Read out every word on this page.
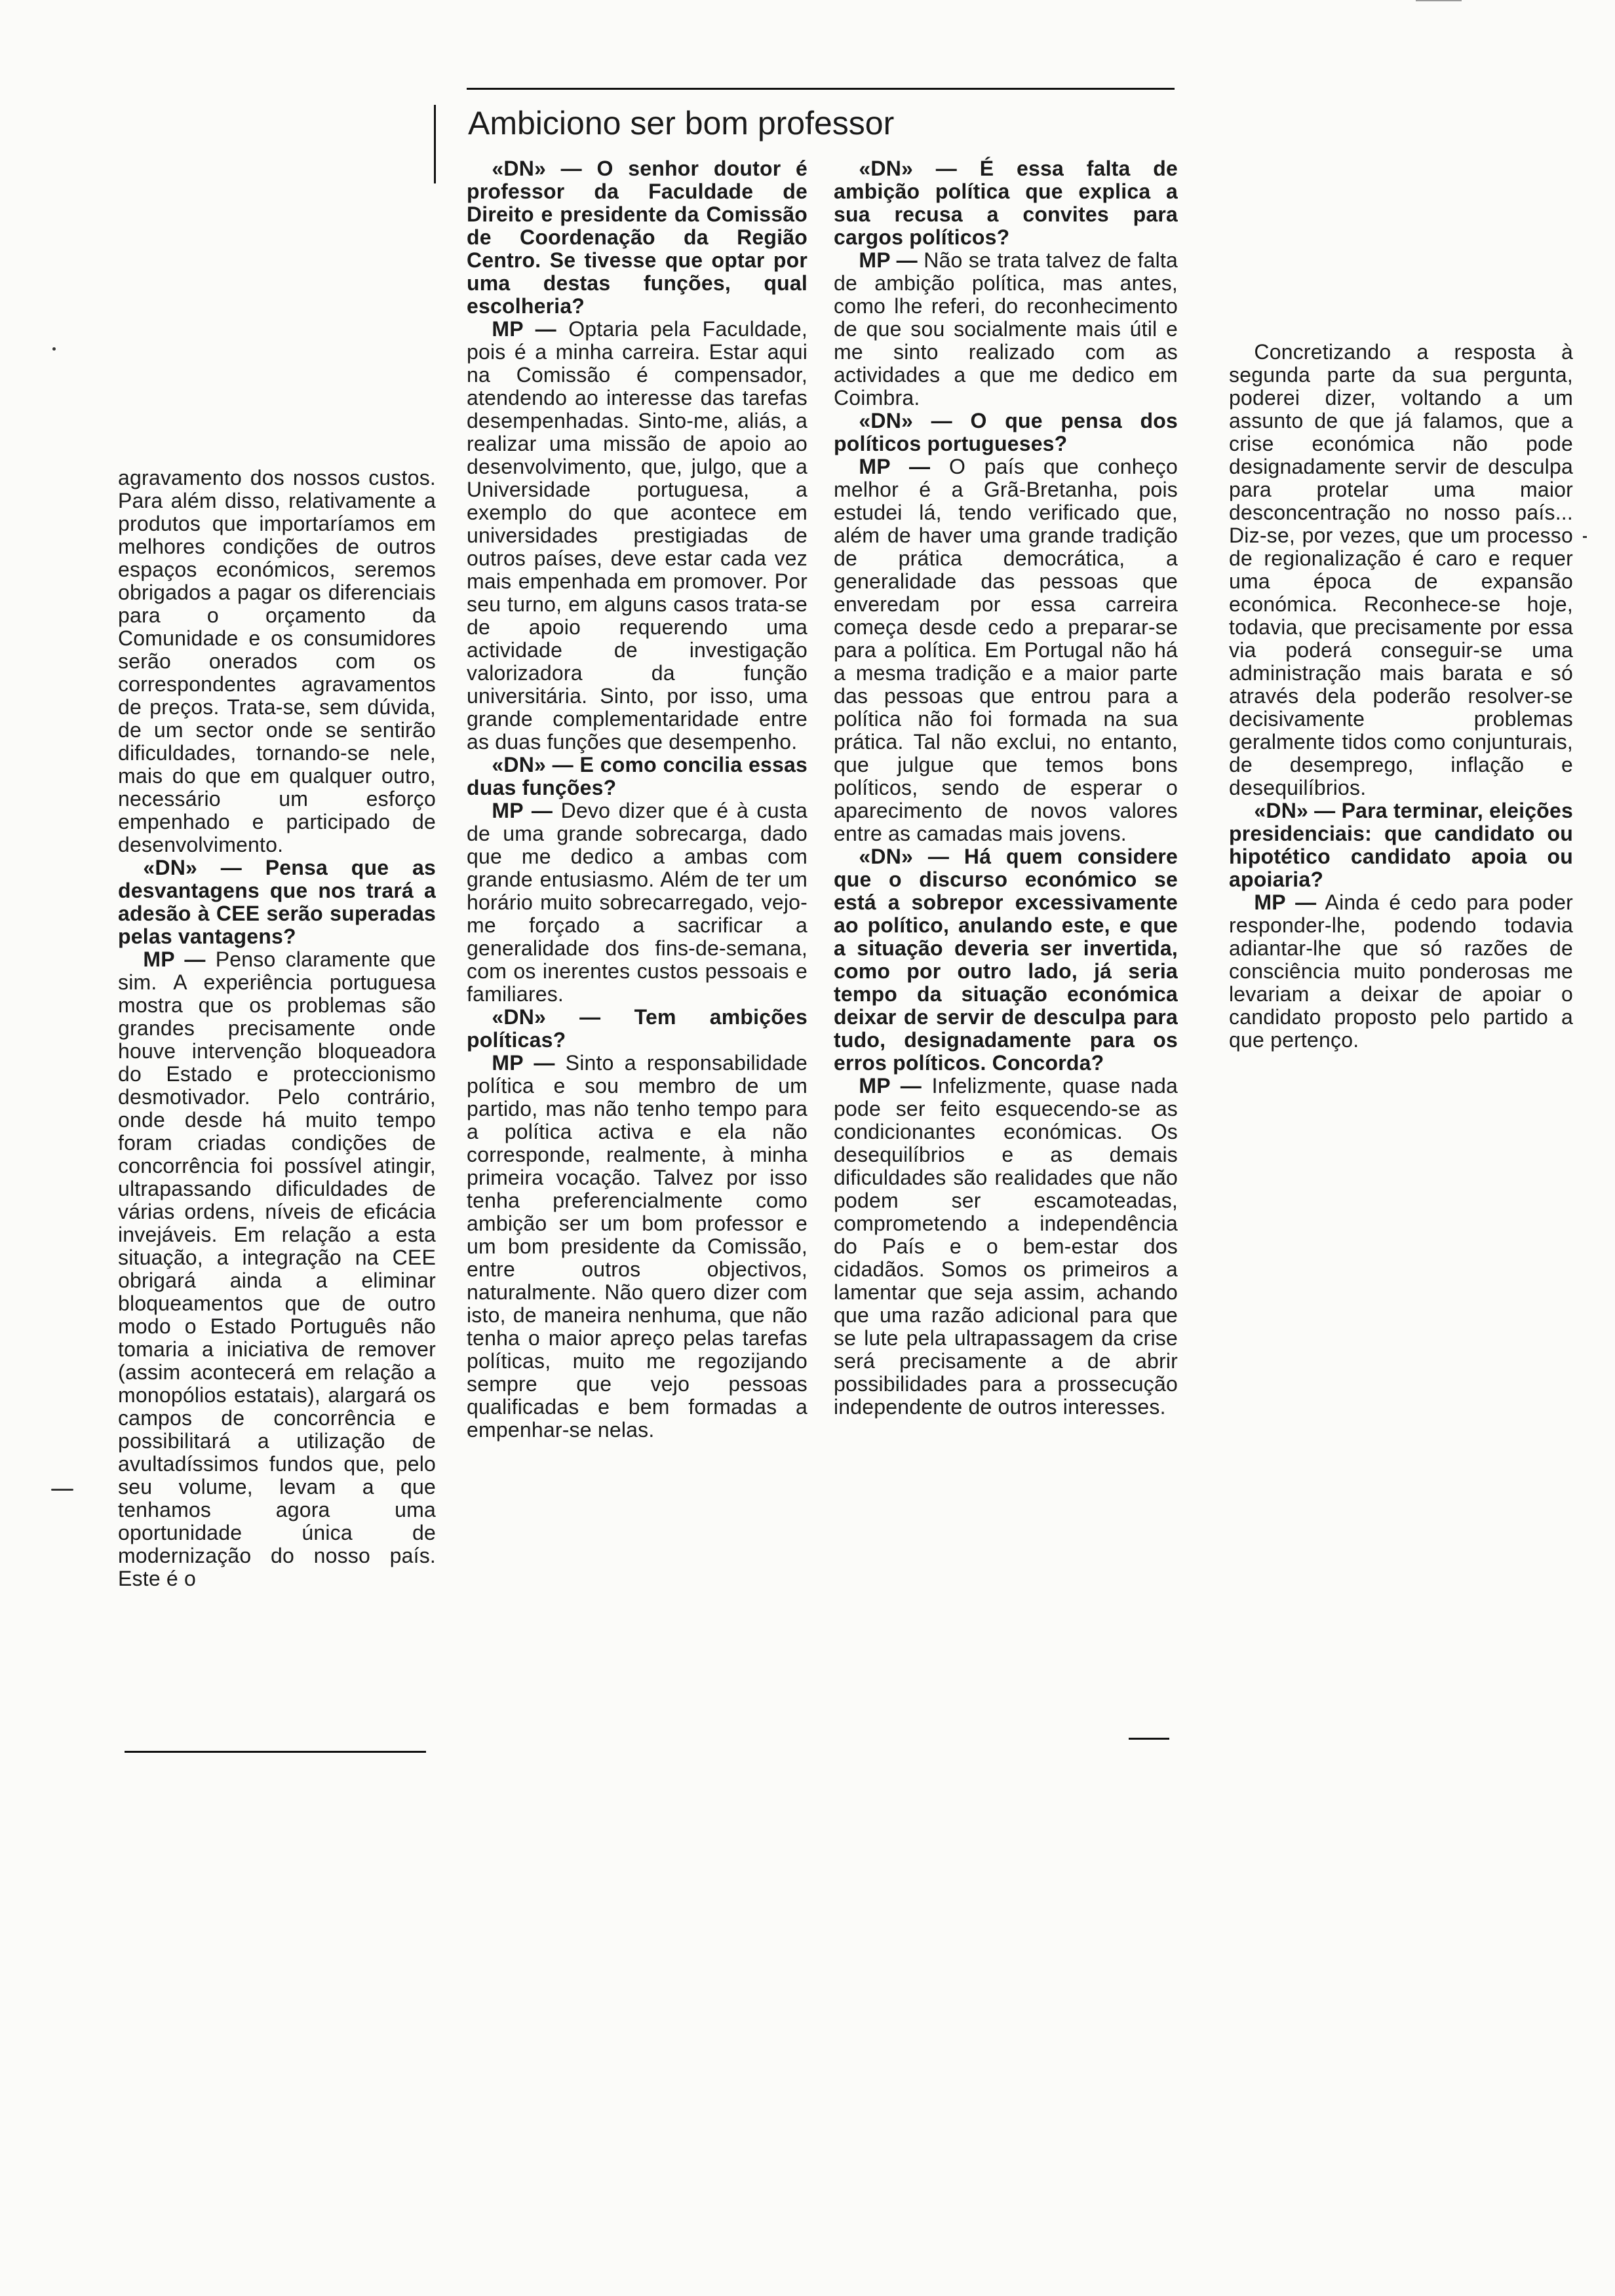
Ambiciono ser bom professor

agravamento dos nossos custos. Para além disso, relativamente a produtos que importaríamos em melhores condições de outros espaços económicos, seremos obrigados a pagar os diferenciais para o orçamento da Comunidade e os consumidores serão onerados com os correspondentes agravamentos de preços. Trata-se, sem dúvida, de um sector onde se sentirão dificuldades, tornando-se nele, mais do que em qualquer outro, necessário um esforço empenhado e participado de desenvolvimento.

«DN» — Pensa que as desvantagens que nos trará a adesão à CEE serão superadas pelas vantagens?

MP — Penso claramente que sim. A experiência portuguesa mostra que os problemas são grandes precisamente onde houve intervenção bloqueadora do Estado e proteccionismo desmotivador. Pelo contrário, onde desde há muito tempo foram criadas condições de concorrência foi possível atingir, ultrapassando dificuldades de várias ordens, níveis de eficácia invejáveis. Em relação a esta situação, a integração na CEE obrigará ainda a eliminar bloqueamentos que de outro modo o Estado Português não tomaria a iniciativa de remover (assim acontecerá em relação a monopólios estatais), alargará os campos de concorrência e possibilitará a utilização de avultadíssimos fundos que, pelo seu volume, levam a que tenhamos agora uma oportunidade única de modernização do nosso país. Este é o

«DN» — O senhor doutor é professor da Faculdade de Direito e presidente da Comissão de Coordenação da Região Centro. Se tivesse que optar por uma destas funções, qual escolheria?

MP — Optaria pela Faculdade, pois é a minha carreira. Estar aqui na Comissão é compensador, atendendo ao interesse das tarefas desempenhadas. Sinto-me, aliás, a realizar uma missão de apoio ao desenvolvimento, que, julgo, que a Universidade portuguesa, a exemplo do que acontece em universidades prestigiadas de outros países, deve estar cada vez mais empenhada em promover. Por seu turno, em alguns casos trata-se de apoio requerendo uma actividade de investigação valorizadora da função universitária. Sinto, por isso, uma grande complementaridade entre as duas funções que desempenho.

«DN» — E como concilia essas duas funções?

MP — Devo dizer que é à custa de uma grande sobrecarga, dado que me dedico a ambas com grande entusiasmo. Além de ter um horário muito sobrecarregado, vejo-me forçado a sacrificar a generalidade dos fins-de-semana, com os inerentes custos pessoais e familiares.

«DN» — Tem ambições políticas?

MP — Sinto a responsabilidade política e sou membro de um partido, mas não tenho tempo para a política activa e ela não corresponde, realmente, à minha primeira vocação. Talvez por isso tenha preferencialmente como ambição ser um bom professor e um bom presidente da Comissão, entre outros objectivos, naturalmente. Não quero dizer com isto, de maneira nenhuma, que não tenha o maior apreço pelas tarefas políticas, muito me regozijando sempre que vejo pessoas qualificadas e bem formadas a empenhar-se nelas.

«DN» — É essa falta de ambição política que explica a sua recusa a convites para cargos políticos?

MP — Não se trata talvez de falta de ambição política, mas antes, como lhe referi, do reconhecimento de que sou socialmente mais útil e me sinto realizado com as actividades a que me dedico em Coimbra.

«DN» — O que pensa dos políticos portugueses?

MP — O país que conheço melhor é a Grã-Bretanha, pois estudei lá, tendo verificado que, além de haver uma grande tradição de prática democrática, a generalidade das pessoas que enveredam por essa carreira começa desde cedo a preparar-se para a política. Em Portugal não há a mesma tradição e a maior parte das pessoas que entrou para a política não foi formada na sua prática. Tal não exclui, no entanto, que julgue que temos bons políticos, sendo de esperar o aparecimento de novos valores entre as camadas mais jovens.

«DN» — Há quem considere que o discurso económico se está a sobrepor excessivamente ao político, anulando este, e que a situação deveria ser invertida, como por outro lado, já seria tempo da situação económica deixar de servir de desculpa para tudo, designadamente para os erros políticos. Concorda?

MP — Infelizmente, quase nada pode ser feito esquecendo-se as condicionantes económicas. Os desequilíbrios e as demais dificuldades são realidades que não podem ser escamoteadas, comprometendo a independência do País e o bem-estar dos cidadãos. Somos os primeiros a lamentar que seja assim, achando que uma razão adicional para que se lute pela ultrapassagem da crise será precisamente a de abrir possibilidades para a prossecução independente de outros interesses.

Concretizando a resposta à segunda parte da sua pergunta, poderei dizer, voltando a um assunto de que já falamos, que a crise económica não pode designadamente servir de desculpa para protelar uma maior desconcentração no nosso país... Diz-se, por vezes, que um processo de regionalização é caro e requer uma época de expansão económica. Reconhece-se hoje, todavia, que precisamente por essa via poderá conseguir-se uma administração mais barata e só através dela poderão resolver-se decisivamente problemas geralmente tidos como conjunturais, de desemprego, inflação e desequilíbrios.

«DN» — Para terminar, eleições presidenciais: que candidato ou hipotético candidato apoia ou apoiaria?

MP — Ainda é cedo para poder responder-lhe, podendo todavia adiantar-lhe que só razões de consciência muito ponderosas me levariam a deixar de apoiar o candidato proposto pelo partido a que pertenço.
